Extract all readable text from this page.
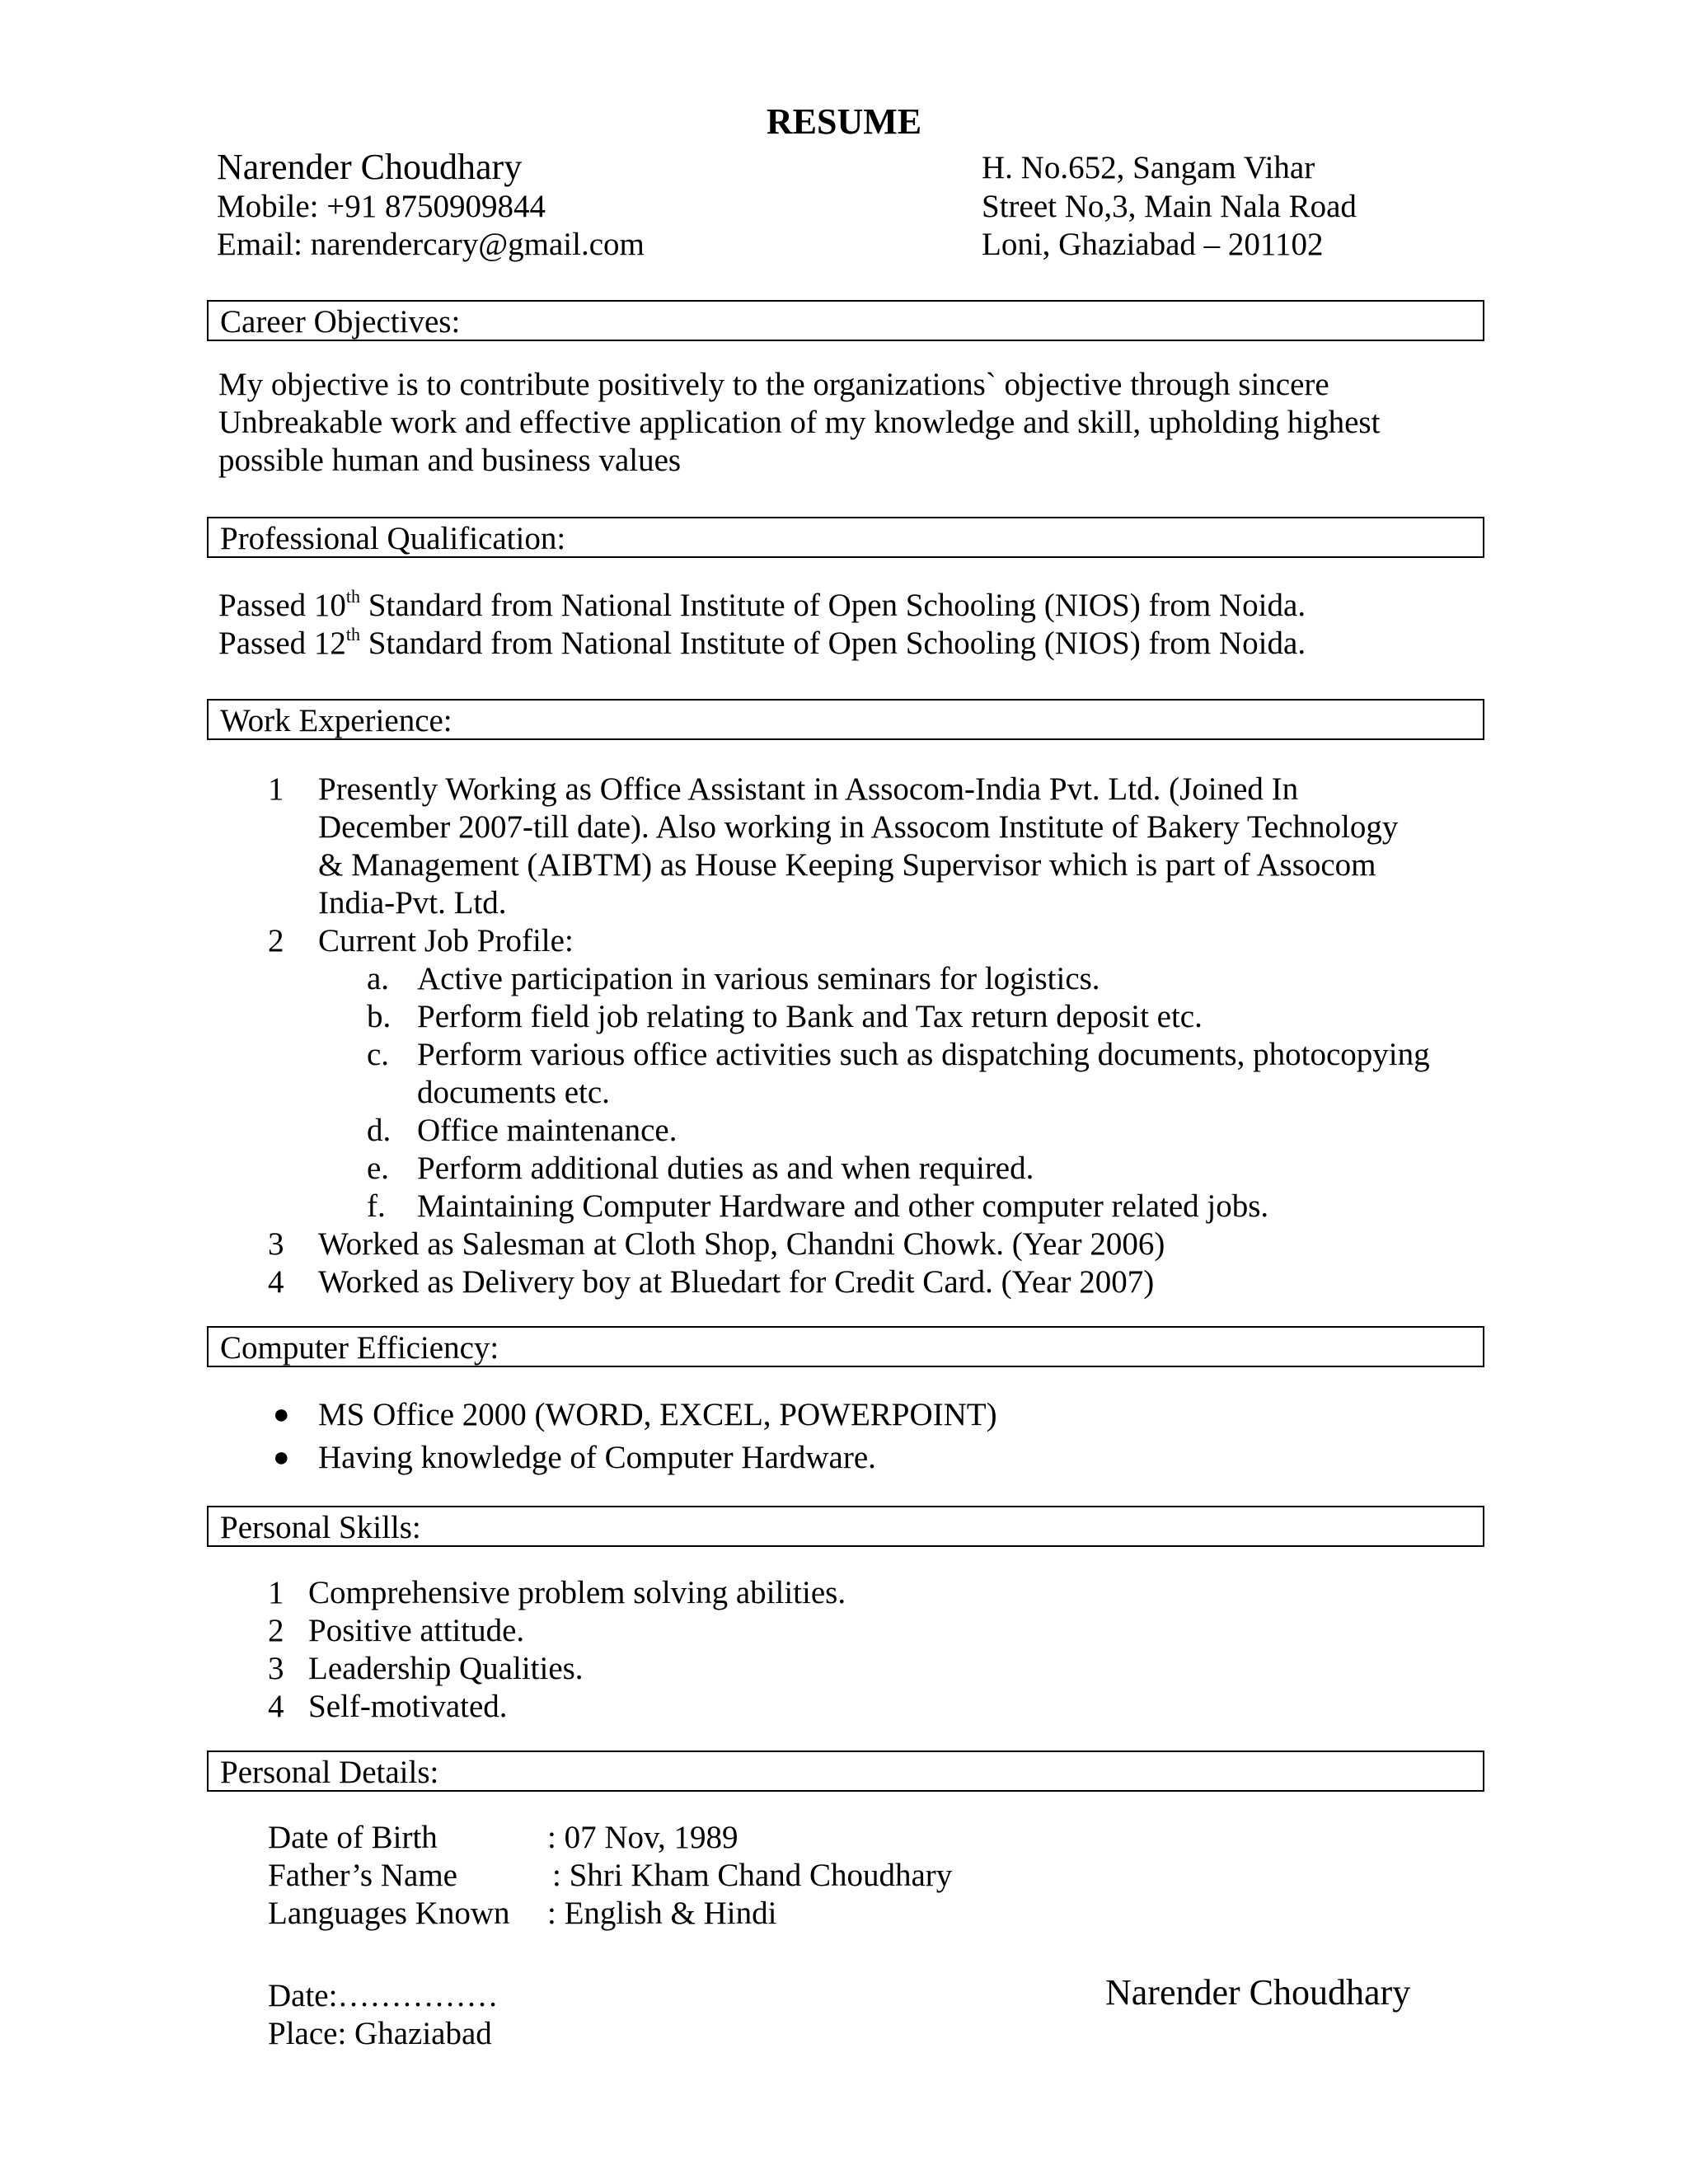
RESUME
Narender Choudhary
Mobile: +91 8750909844
Email: narendercary@gmail.com
H. No.652, Sangam Vihar
Street No,3, Main Nala Road
Loni, Ghaziabad – 201102
Career Objectives:
My objective is to contribute positively to the organizations` objective through sincere
Unbreakable work and effective application of my knowledge and skill, upholding highest
possible human and business values
Professional Qualification:
Passed 10th Standard from National Institute of Open Schooling (NIOS) from Noida.
Passed 12th Standard from National Institute of Open Schooling (NIOS) from Noida.
Work Experience:
1 Presently Working as Office Assistant in Assocom-India Pvt. Ltd. (Joined In
December 2007-till date). Also working in Assocom Institute of Bakery Technology
& Management (AIBTM) as House Keeping Supervisor which is part of Assocom
India-Pvt. Ltd.
2 Current Job Profile:
a. Active participation in various seminars for logistics.
b. Perform field job relating to Bank and Tax return deposit etc.
c. Perform various office activities such as dispatching documents, photocopying
documents etc.
d. Office maintenance.
e. Perform additional duties as and when required.
f. Maintaining Computer Hardware and other computer related jobs.
3 Worked as Salesman at Cloth Shop, Chandni Chowk. (Year 2006)
4 Worked as Delivery boy at Bluedart for Credit Card. (Year 2007)
Computer Efficiency:
● MS Office 2000 (WORD, EXCEL, POWERPOINT)
● Having knowledge of Computer Hardware.
Personal Skills:
1 Comprehensive problem solving abilities.
2 Positive attitude.
3 Leadership Qualities.
4 Self-motivated.
Personal Details:
Date of Birth	: 07 Nov, 1989
Father’s Name	: Shri Kham Chand Choudhary
Languages Known : English & Hindi
Date:……………
Place: Ghaziabad
Narender Choudhary
